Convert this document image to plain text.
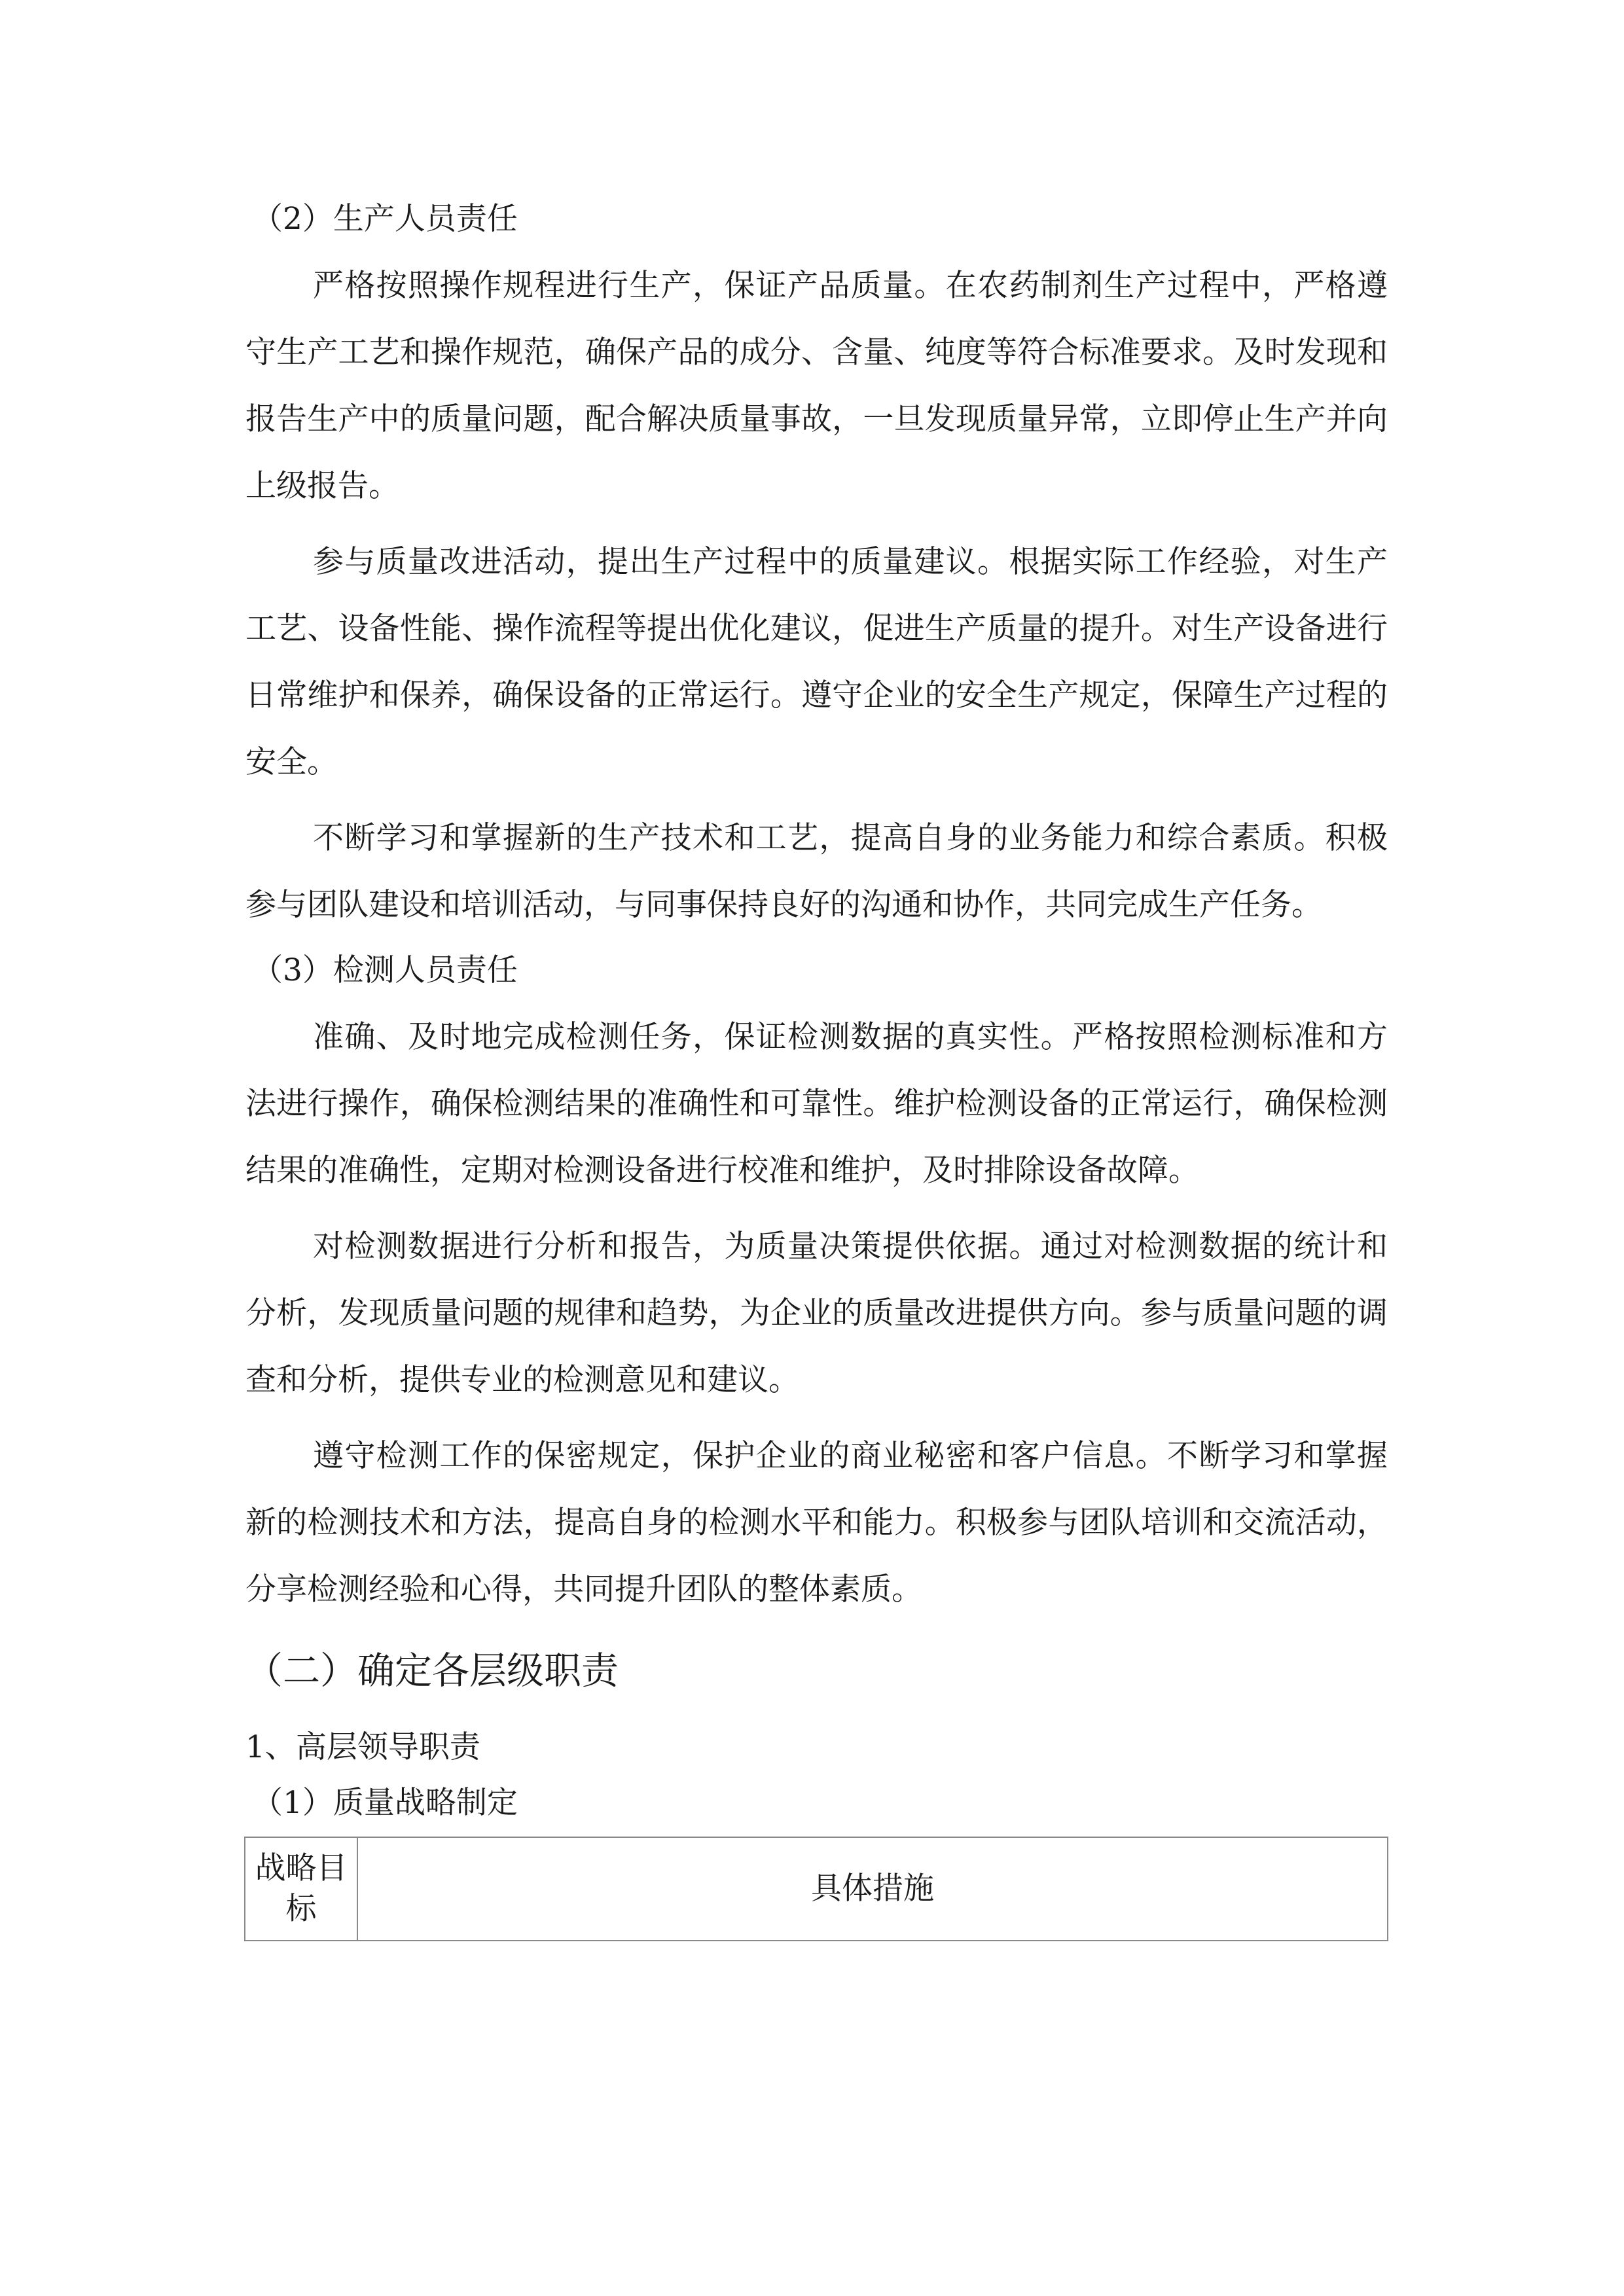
（2）生产人员责任

严格按照操作规程进行生产，保证产品质量。在农药制剂生产过程中，严格遵守生产工艺和操作规范，确保产品的成分、含量、纯度等符合标准要求。及时发现和报告生产中的质量问题，配合解决质量事故，一旦发现质量异常，立即停止生产并向上级报告。

参与质量改进活动，提出生产过程中的质量建议。根据实际工作经验，对生产工艺、设备性能、操作流程等提出优化建议，促进生产质量的提升。对生产设备进行日常维护和保养，确保设备的正常运行。遵守企业的安全生产规定，保障生产过程的安全。

不断学习和掌握新的生产技术和工艺，提高自身的业务能力和综合素质。积极参与团队建设和培训活动，与同事保持良好的沟通和协作，共同完成生产任务。

（3）检测人员责任

准确、及时地完成检测任务，保证检测数据的真实性。严格按照检测标准和方法进行操作，确保检测结果的准确性和可靠性。维护检测设备的正常运行，确保检测结果的准确性，定期对检测设备进行校准和维护，及时排除设备故障。

对检测数据进行分析和报告，为质量决策提供依据。通过对检测数据的统计和分析，发现质量问题的规律和趋势，为企业的质量改进提供方向。参与质量问题的调查和分析，提供专业的检测意见和建议。

遵守检测工作的保密规定，保护企业的商业秘密和客户信息。不断学习和掌握新的检测技术和方法，提高自身的检测水平和能力。积极参与团队培训和交流活动，分享检测经验和心得，共同提升团队的整体素质。

（二）确定各层级职责

1、高层领导职责

（1）质量战略制定

战略目
标
	具体措施
